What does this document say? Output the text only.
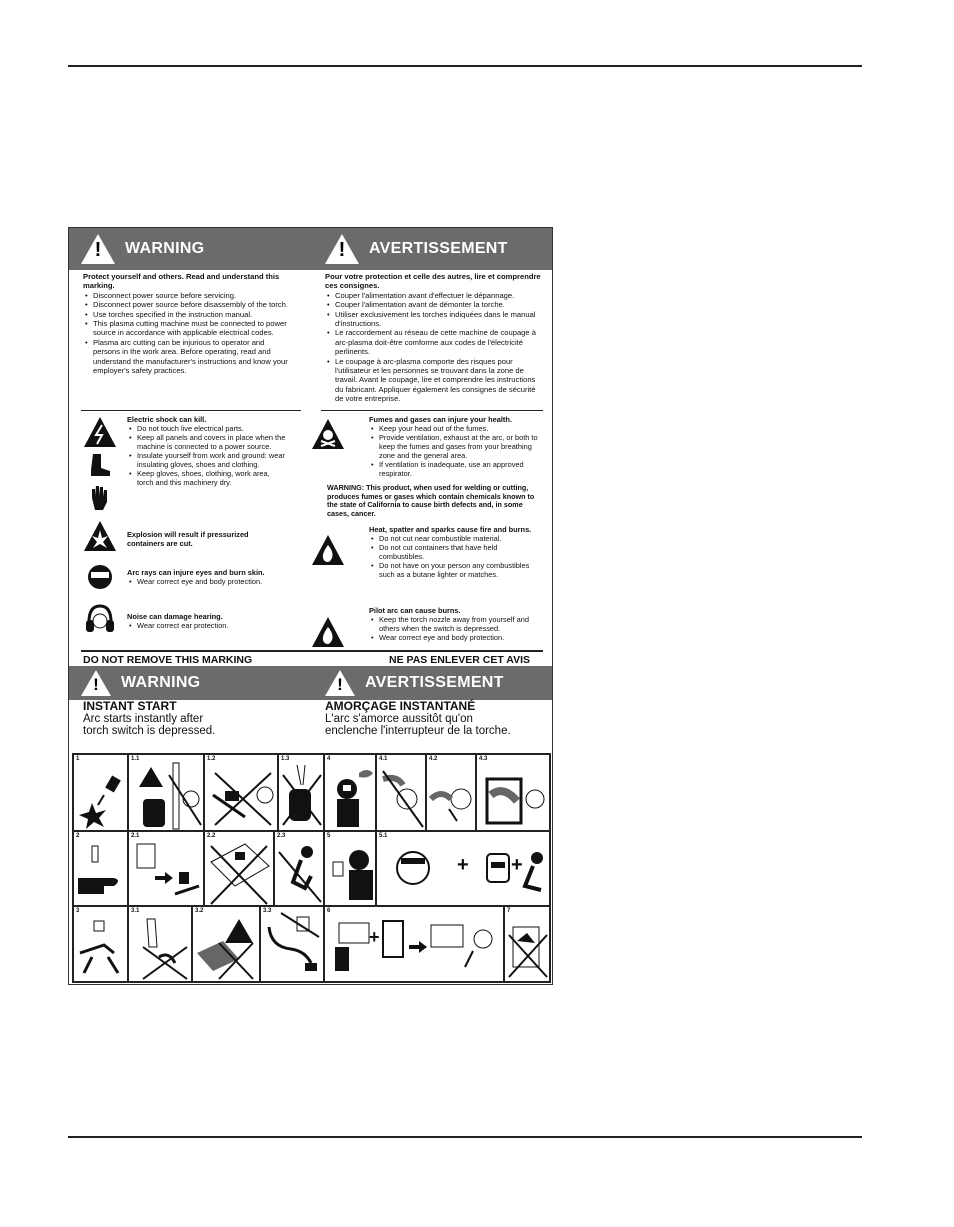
! WARNING	! AVERTISSEMENT
Protect yourself and others. Read and understand this marking.
• Disconnect power source before servicing.
• Disconnect power source before disassembly of the torch.
• Use torches specified in the instruction manual.
• This plasma cutting machine must be connected to power source in accordance with applicable electrical codes.
• Plasma arc cutting can be injurious to operator and persons in the work area. Before operating, read and understand the manufacturer's instructions and know your employer's safety practices.
Pour votre protection et celle des autres, lire et comprendre ces consignes.
• Couper l'alimentation avant d'effectuer le dépannage.
• Couper l'alimentation avant de démonter la torche.
• Utiliser exclusivement les torches indiquées dans le manual d'instructions.
• Le raccordement au réseau de cette machine de coupage à arc-plasma doit-être comforme aux codes de l'électricité perlinents.
• Le coupage à arc-plasma comporte des risques pour l'utilisateur et les personnes se trouvant dans la zone de travail. Avant le coupage, lire et comprendre les instructions du fabricant. Appliquer également les consignes de sécurité de votre entreprise.
Electric shock can kill.
• Do not touch live electrical parts.
• Keep all panels and covers in place when the machine is connected to a power source.
• Insulate yourself from work and ground: wear insulating gloves, shoes and clothing.
• Keep gloves, shoes, clothing, work area, torch and this machinery dry.
Explosion will result if pressurized containers are cut.
Arc rays can injure eyes and burn skin.
• Wear correct eye and body protection.
Noise can damage hearing.
• Wear correct ear protection.
Fumes and gases can injure your health.
• Keep your head out of the fumes.
• Provide ventilation, exhaust at the arc, or both to keep the fumes and gases from your breathing zone and the general area.
• If ventilation is inadequate, use an approved respirator.
WARNING: This product, when used for welding or cutting, produces fumes or gases which contain chemicals known to the state of California to cause birth defects and, in some cases, cancer.
Heat, spatter and sparks cause fire and burns.
• Do not cut near combustible material.
• Do not cut containers that have held combustibles.
• Do not have on your person any combustibles such as a butane lighter or matches.
Pilot arc can cause burns.
• Keep the torch nozzle away from yourself and others when the switch is depressed.
• Wear correct eye and body protection.
DO NOT REMOVE THIS MARKING	NE PAS ENLEVER CET AVIS
! WARNING	! AVERTISSEMENT
INSTANT START
Arc starts instantly after
torch switch is depressed.
AMORÇAGE INSTANTANÉ
L'arc s'amorce aussitôt qu'on
enclenche l'interrupteur de la torche.
1	1.1	1.2	1.3	4	4.1	4.2	4.3
2	2.1	2.2	2.3	5	5.1
+ +
3	3.1	3.2	3.3	6
+
7
